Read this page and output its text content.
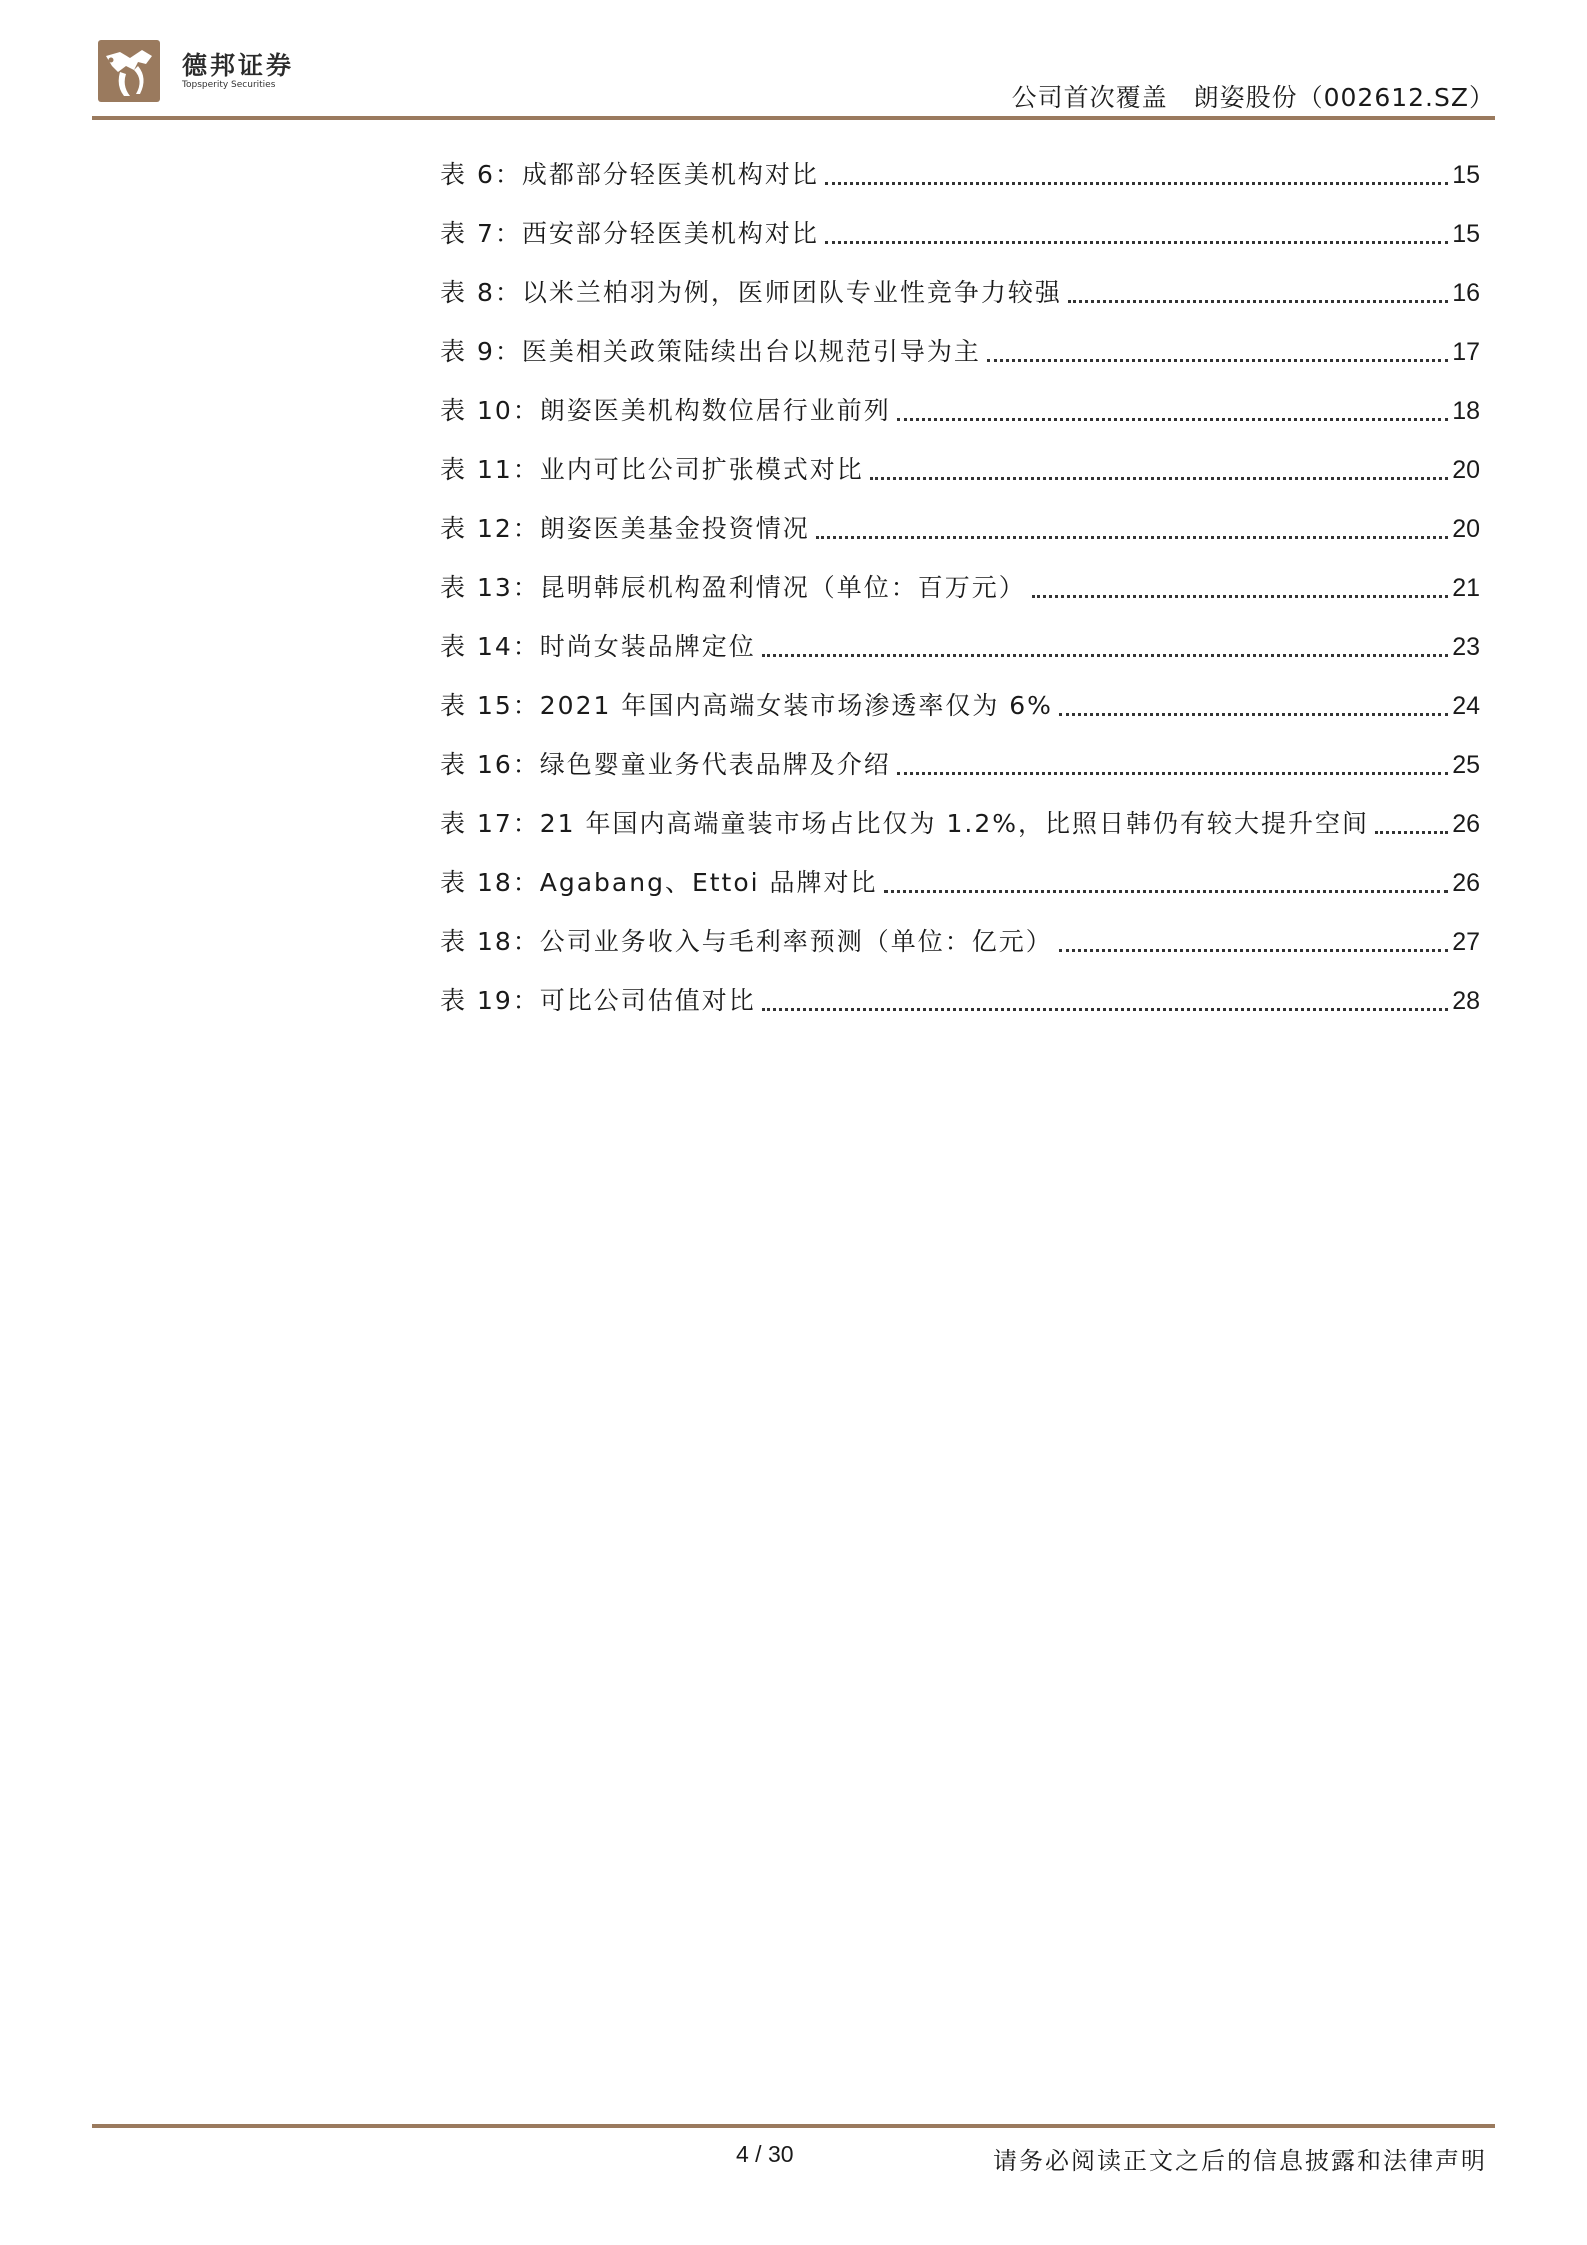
德邦证券
Topsperity Securities	公司首次覆盖　朗姿股份（002612.SZ）
表 6：成都部分轻医美机构对比	15
表 7：西安部分轻医美机构对比	15
表 8：以米兰柏羽为例，医师团队专业性竞争力较强	16
表 9：医美相关政策陆续出台以规范引导为主	17
表 10：朗姿医美机构数位居行业前列	18
表 11：业内可比公司扩张模式对比	20
表 12：朗姿医美基金投资情况	20
表 13：昆明韩辰机构盈利情况（单位：百万元）	21
表 14：时尚女装品牌定位	23
表 15：2021 年国内高端女装市场渗透率仅为 6%	24
表 16：绿色婴童业务代表品牌及介绍	25
表 17：21 年国内高端童装市场占比仅为 1.2%，比照日韩仍有较大提升空间	26
表 18：Agabang、Ettoi 品牌对比	26
表 18：公司业务收入与毛利率预测（单位：亿元）	27
表 19：可比公司估值对比	28
4 / 30	请务必阅读正文之后的信息披露和法律声明
